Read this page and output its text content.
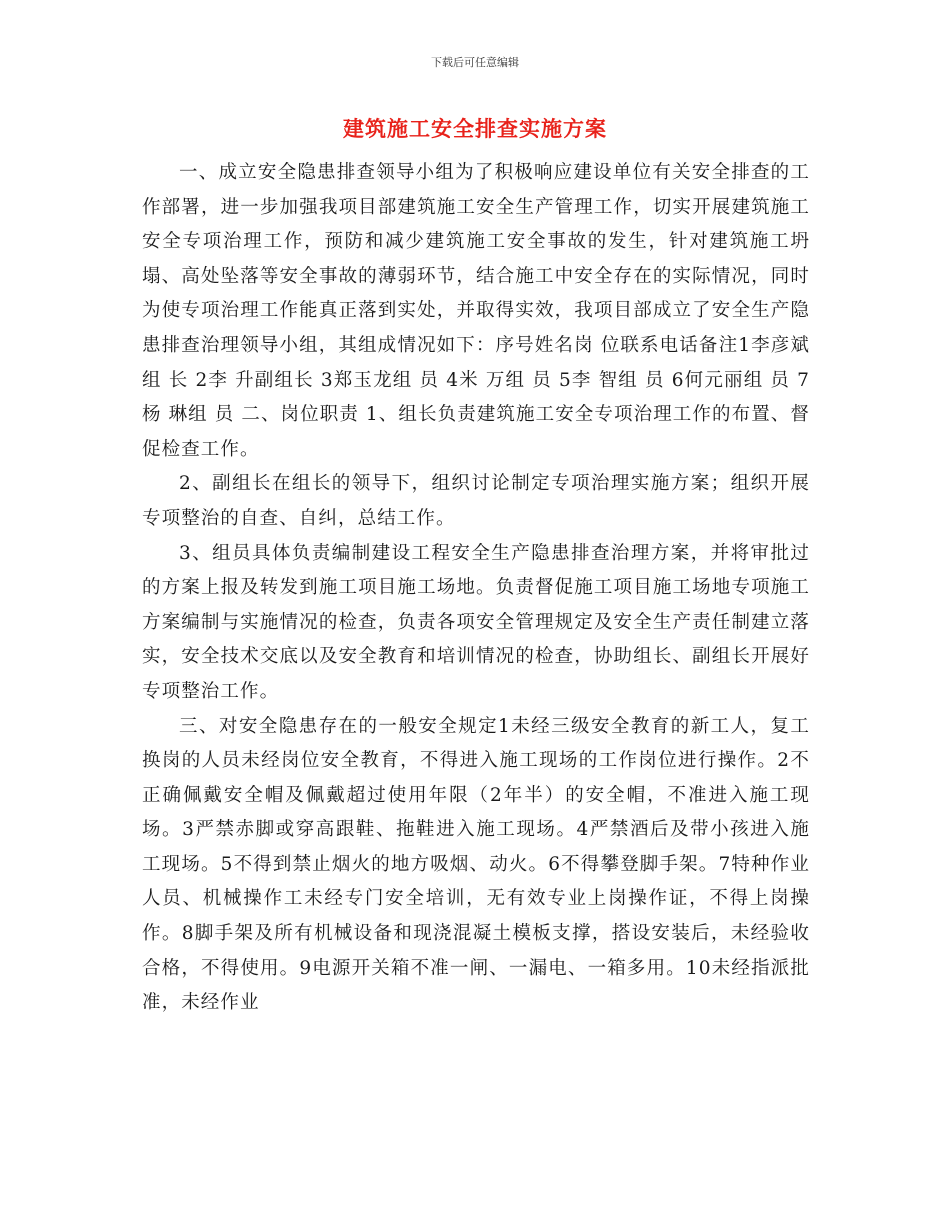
下载后可任意编辑
建筑施工安全排查实施方案

一、成立安全隐患排查领导小组为了积极响应建设单位有关安全排查的工作部署，进一步加强我项目部建筑施工安全生产管理工作，切实开展建筑施工安全专项治理工作，预防和减少建筑施工安全事故的发生，针对建筑施工坍塌、高处坠落等安全事故的薄弱环节，结合施工中安全存在的实际情况，同时为使专项治理工作能真正落到实处，并取得实效，我项目部成立了安全生产隐患排查治理领导小组，其组成情况如下：序号姓名岗 位联系电话备注1李彦斌组 长 2李 升副组长 3郑玉龙组 员 4米 万组 员 5李 智组 员 6何元丽组 员 7杨 琳组 员 二、岗位职责 1、组长负责建筑施工安全专项治理工作的布置、督促检查工作。

2、副组长在组长的领导下，组织讨论制定专项治理实施方案；组织开展专项整治的自查、自纠，总结工作。

3、组员具体负责编制建设工程安全生产隐患排查治理方案，并将审批过的方案上报及转发到施工项目施工场地。负责督促施工项目施工场地专项施工方案编制与实施情况的检查，负责各项安全管理规定及安全生产责任制建立落实，安全技术交底以及安全教育和培训情况的检查，协助组长、副组长开展好专项整治工作。

三、对安全隐患存在的一般安全规定1未经三级安全教育的新工人，复工换岗的人员未经岗位安全教育，不得进入施工现场的工作岗位进行操作。2不正确佩戴安全帽及佩戴超过使用年限（2年半）的安全帽，不准进入施工现场。3严禁赤脚或穿高跟鞋、拖鞋进入施工现场。4严禁酒后及带小孩进入施工现场。5不得到禁止烟火的地方吸烟、动火。6不得攀登脚手架。7特种作业人员、机械操作工未经专门安全培训，无有效专业上岗操作证，不得上岗操作。8脚手架及所有机械设备和现浇混凝土模板支撑，搭设安装后，未经验收合格，不得使用。9电源开关箱不准一闸、一漏电、一箱多用。10未经指派批准，未经作业
